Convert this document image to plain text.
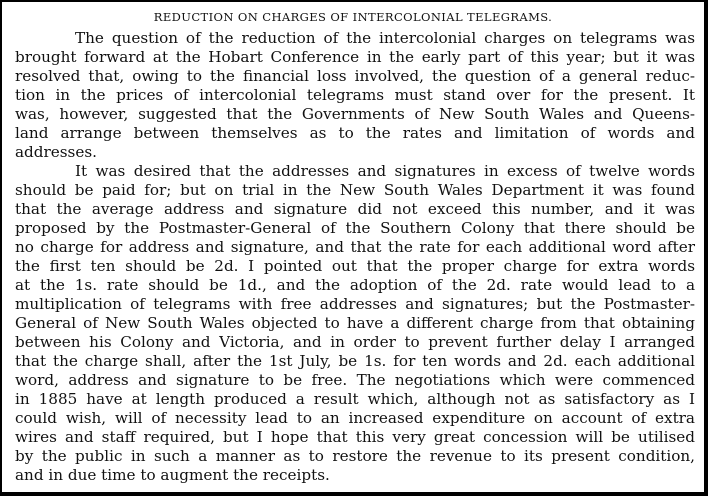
REDUCTION ON CHARGES OF INTERCOLONIAL TELEGRAMS.
The question of the reduction of the intercolonial charges on telegrams was
brought forward at the Hobart Conference in the early part of this year; but it was
resolved that, owing to the financial loss involved, the question of a general reduc-
tion in the prices of intercolonial telegrams must stand over for the present. It
was, however, suggested that the Governments of New South Wales and Queens-
land arrange between themselves as to the rates and limitation of words and
addresses.
It was desired that the addresses and signatures in excess of twelve words
should be paid for; but on trial in the New South Wales Department it was found
that the average address and signature did not exceed this number, and it was
proposed by the Postmaster-General of the Southern Colony that there should be
no charge for address and signature, and that the rate for each additional word after
the first ten should be 2d. I pointed out that the proper charge for extra words
at the 1s. rate should be 1d., and the adoption of the 2d. rate would lead to a
multiplication of telegrams with free addresses and signatures; but the Postmaster-
General of New South Wales objected to have a different charge from that obtaining
between his Colony and Victoria, and in order to prevent further delay I arranged
that the charge shall, after the 1st July, be 1s. for ten words and 2d. each additional
word, address and signature to be free. The negotiations which were commenced
in 1885 have at length produced a result which, although not as satisfactory as I
could wish, will of necessity lead to an increased expenditure on account of extra
wires and staff required, but I hope that this very great concession will be utilised
by the public in such a manner as to restore the revenue to its present condition,
and in due time to augment the receipts.
